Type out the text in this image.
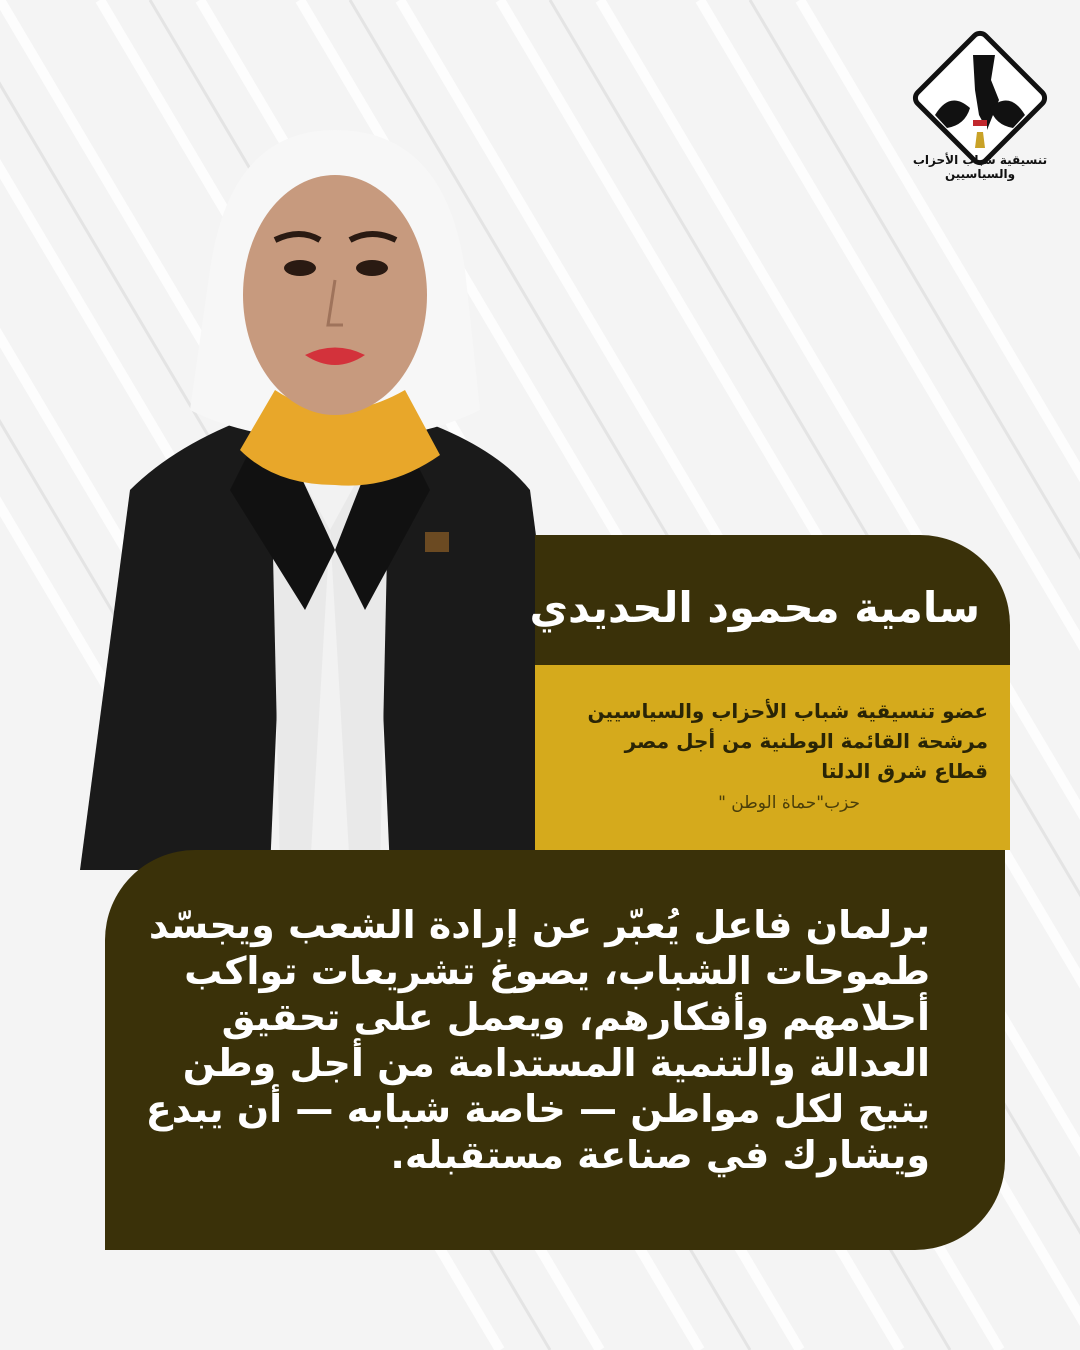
تنسيقية شباب الأحزاب والسياسيين
سامية محمود الحديدي
عضو تنسيقية شباب الأحزاب والسياسيين
مرشحة القائمة الوطنية من أجل مصر
قطاع شرق الدلتا
حزب"حماة الوطن "
برلمان فاعل يُعبّر عن إرادة الشعب ويجسّد
طموحات الشباب، يصوغ تشريعات تواكب
أحلامهم وأفكارهم، ويعمل على تحقيق
العدالة والتنمية المستدامة من أجل وطن
يتيح لكل مواطن — خاصة شبابه — أن يبدع
ويشارك في صناعة مستقبله.
